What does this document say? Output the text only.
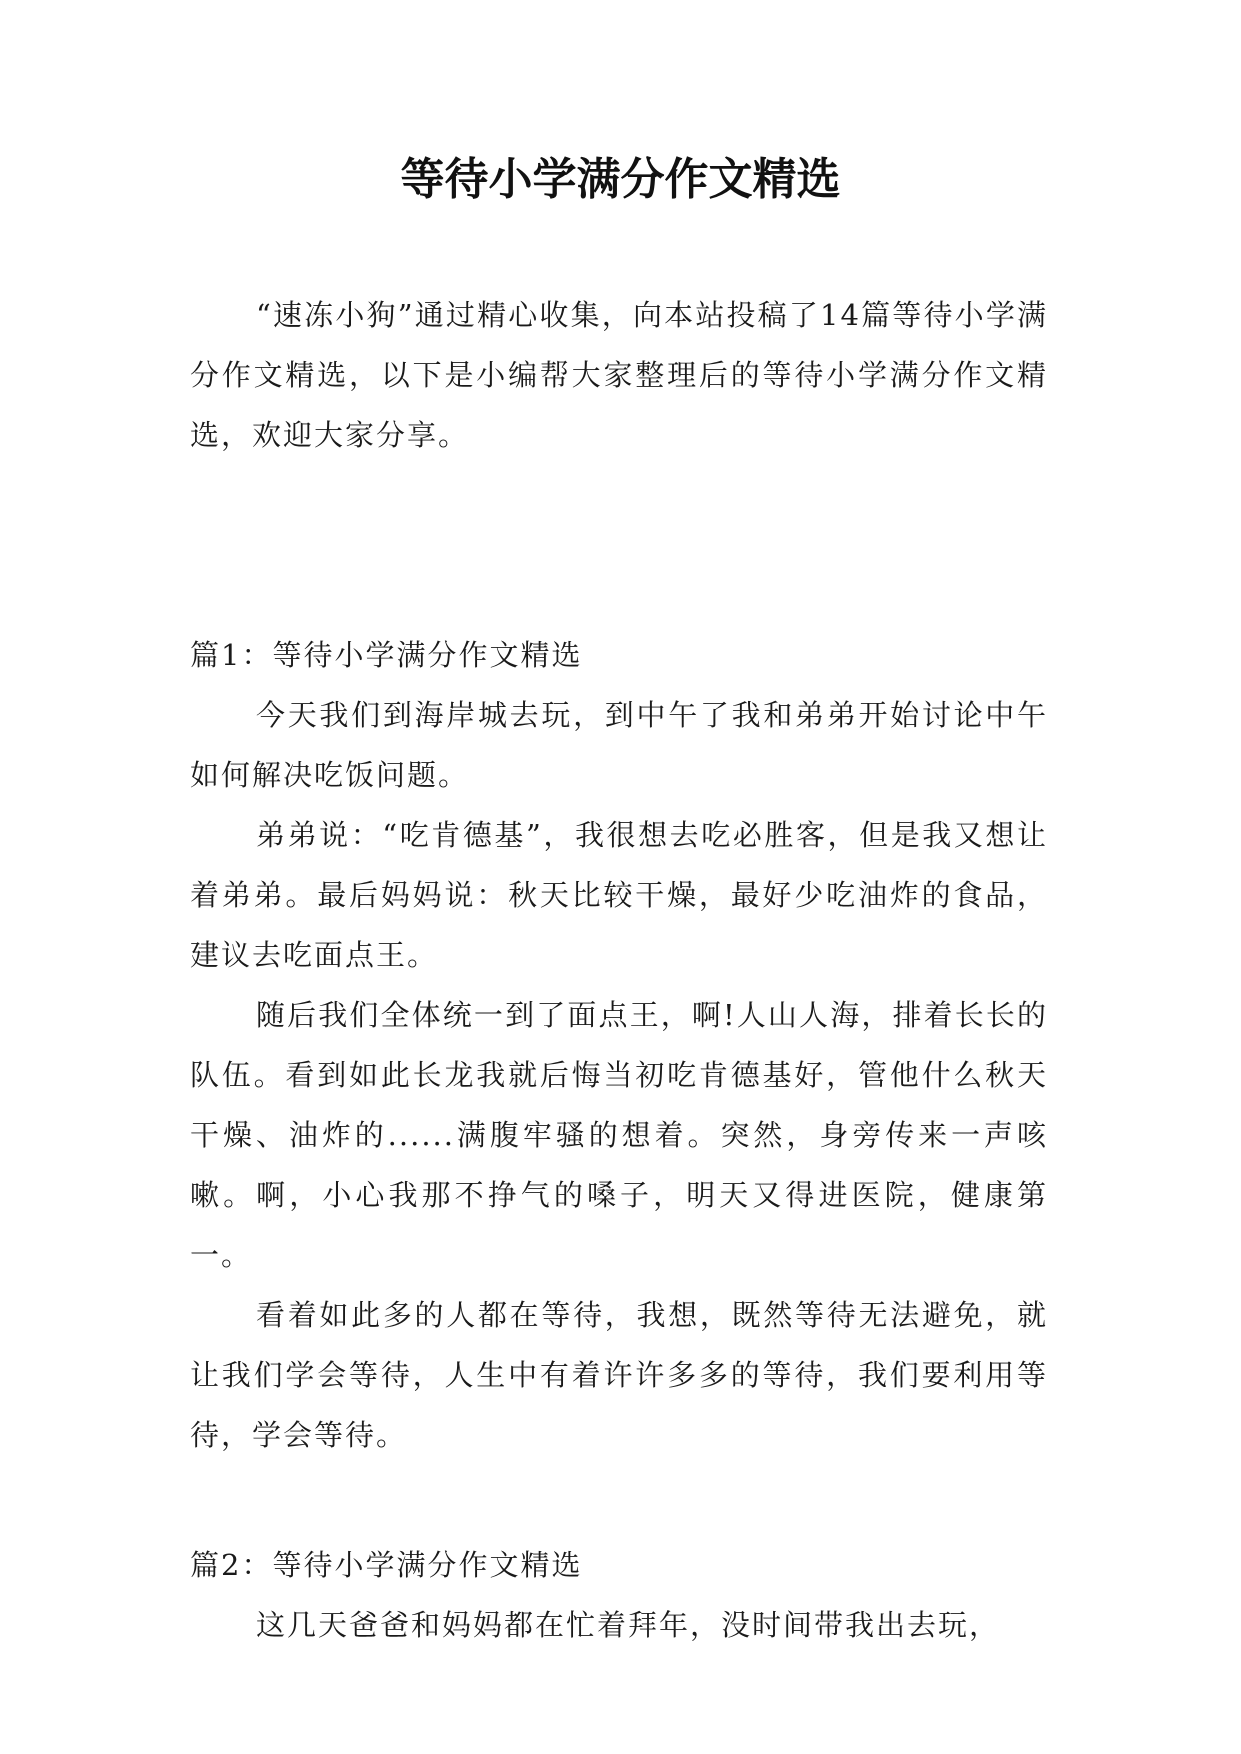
等待小学满分作文精选

“速冻小狗”通过精心收集，向本站投稿了14篇等待小学满分作文精选，以下是小编帮大家整理后的等待小学满分作文精选，欢迎大家分享。

篇1：等待小学满分作文精选

今天我们到海岸城去玩，到中午了我和弟弟开始讨论中午如何解决吃饭问题。

弟弟说：“吃肯德基”，我很想去吃必胜客，但是我又想让着弟弟。最后妈妈说：秋天比较干燥，最好少吃油炸的食品，建议去吃面点王。

随后我们全体统一到了面点王，啊!人山人海，排着长长的队伍。看到如此长龙我就后悔当初吃肯德基好，管他什么秋天干燥、油炸的......满腹牢骚的想着。突然，身旁传来一声咳嗽。啊，小心我那不挣气的嗓子，明天又得进医院，健康第一。

看着如此多的人都在等待，我想，既然等待无法避免，就让我们学会等待，人生中有着许许多多的等待，我们要利用等待，学会等待。

篇2：等待小学满分作文精选

这几天爸爸和妈妈都在忙着拜年，没时间带我出去玩，
